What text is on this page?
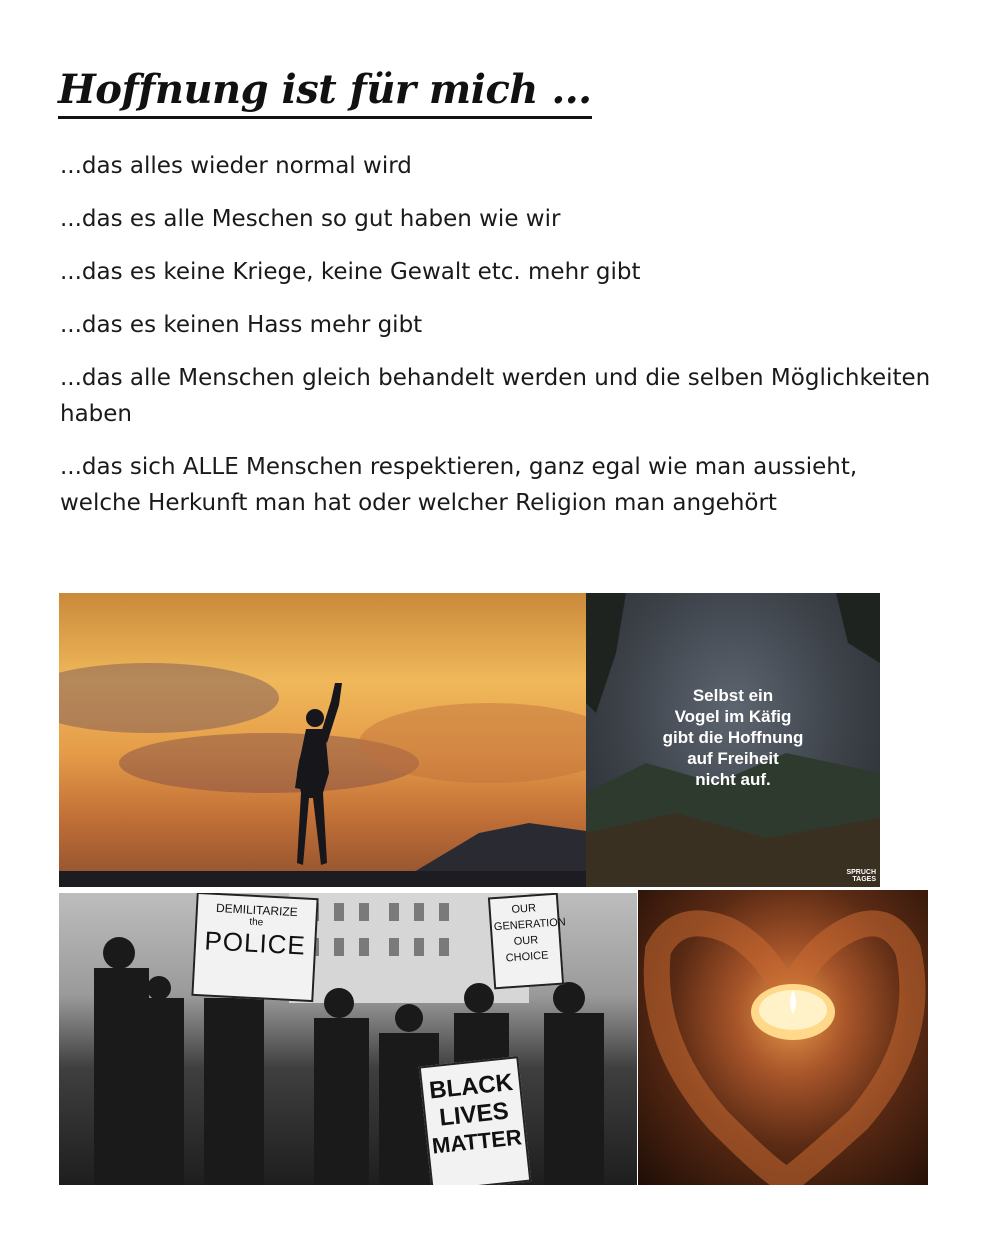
Hoffnung ist für mich ...
...das alles wieder normal wird
...das es alle Meschen so gut haben wie wir
...das es keine Kriege, keine Gewalt etc. mehr gibt
...das es keinen Hass mehr gibt
...das alle Menschen gleich behandelt werden und die selben Möglichkeiten haben
...das sich ALLE Menschen respektieren, ganz egal wie man aussieht, welche Herkunft man hat oder welcher Religion man angehört
Selbst ein
Vogel im Käfig
gibt die Hoffnung
auf Freiheit
nicht auf.
SPRUCH TAGES
DEMILITARIZE
the
POLICE
OUR GENERATION OUR CHOICE
BLACK
LIVES
MATTER
